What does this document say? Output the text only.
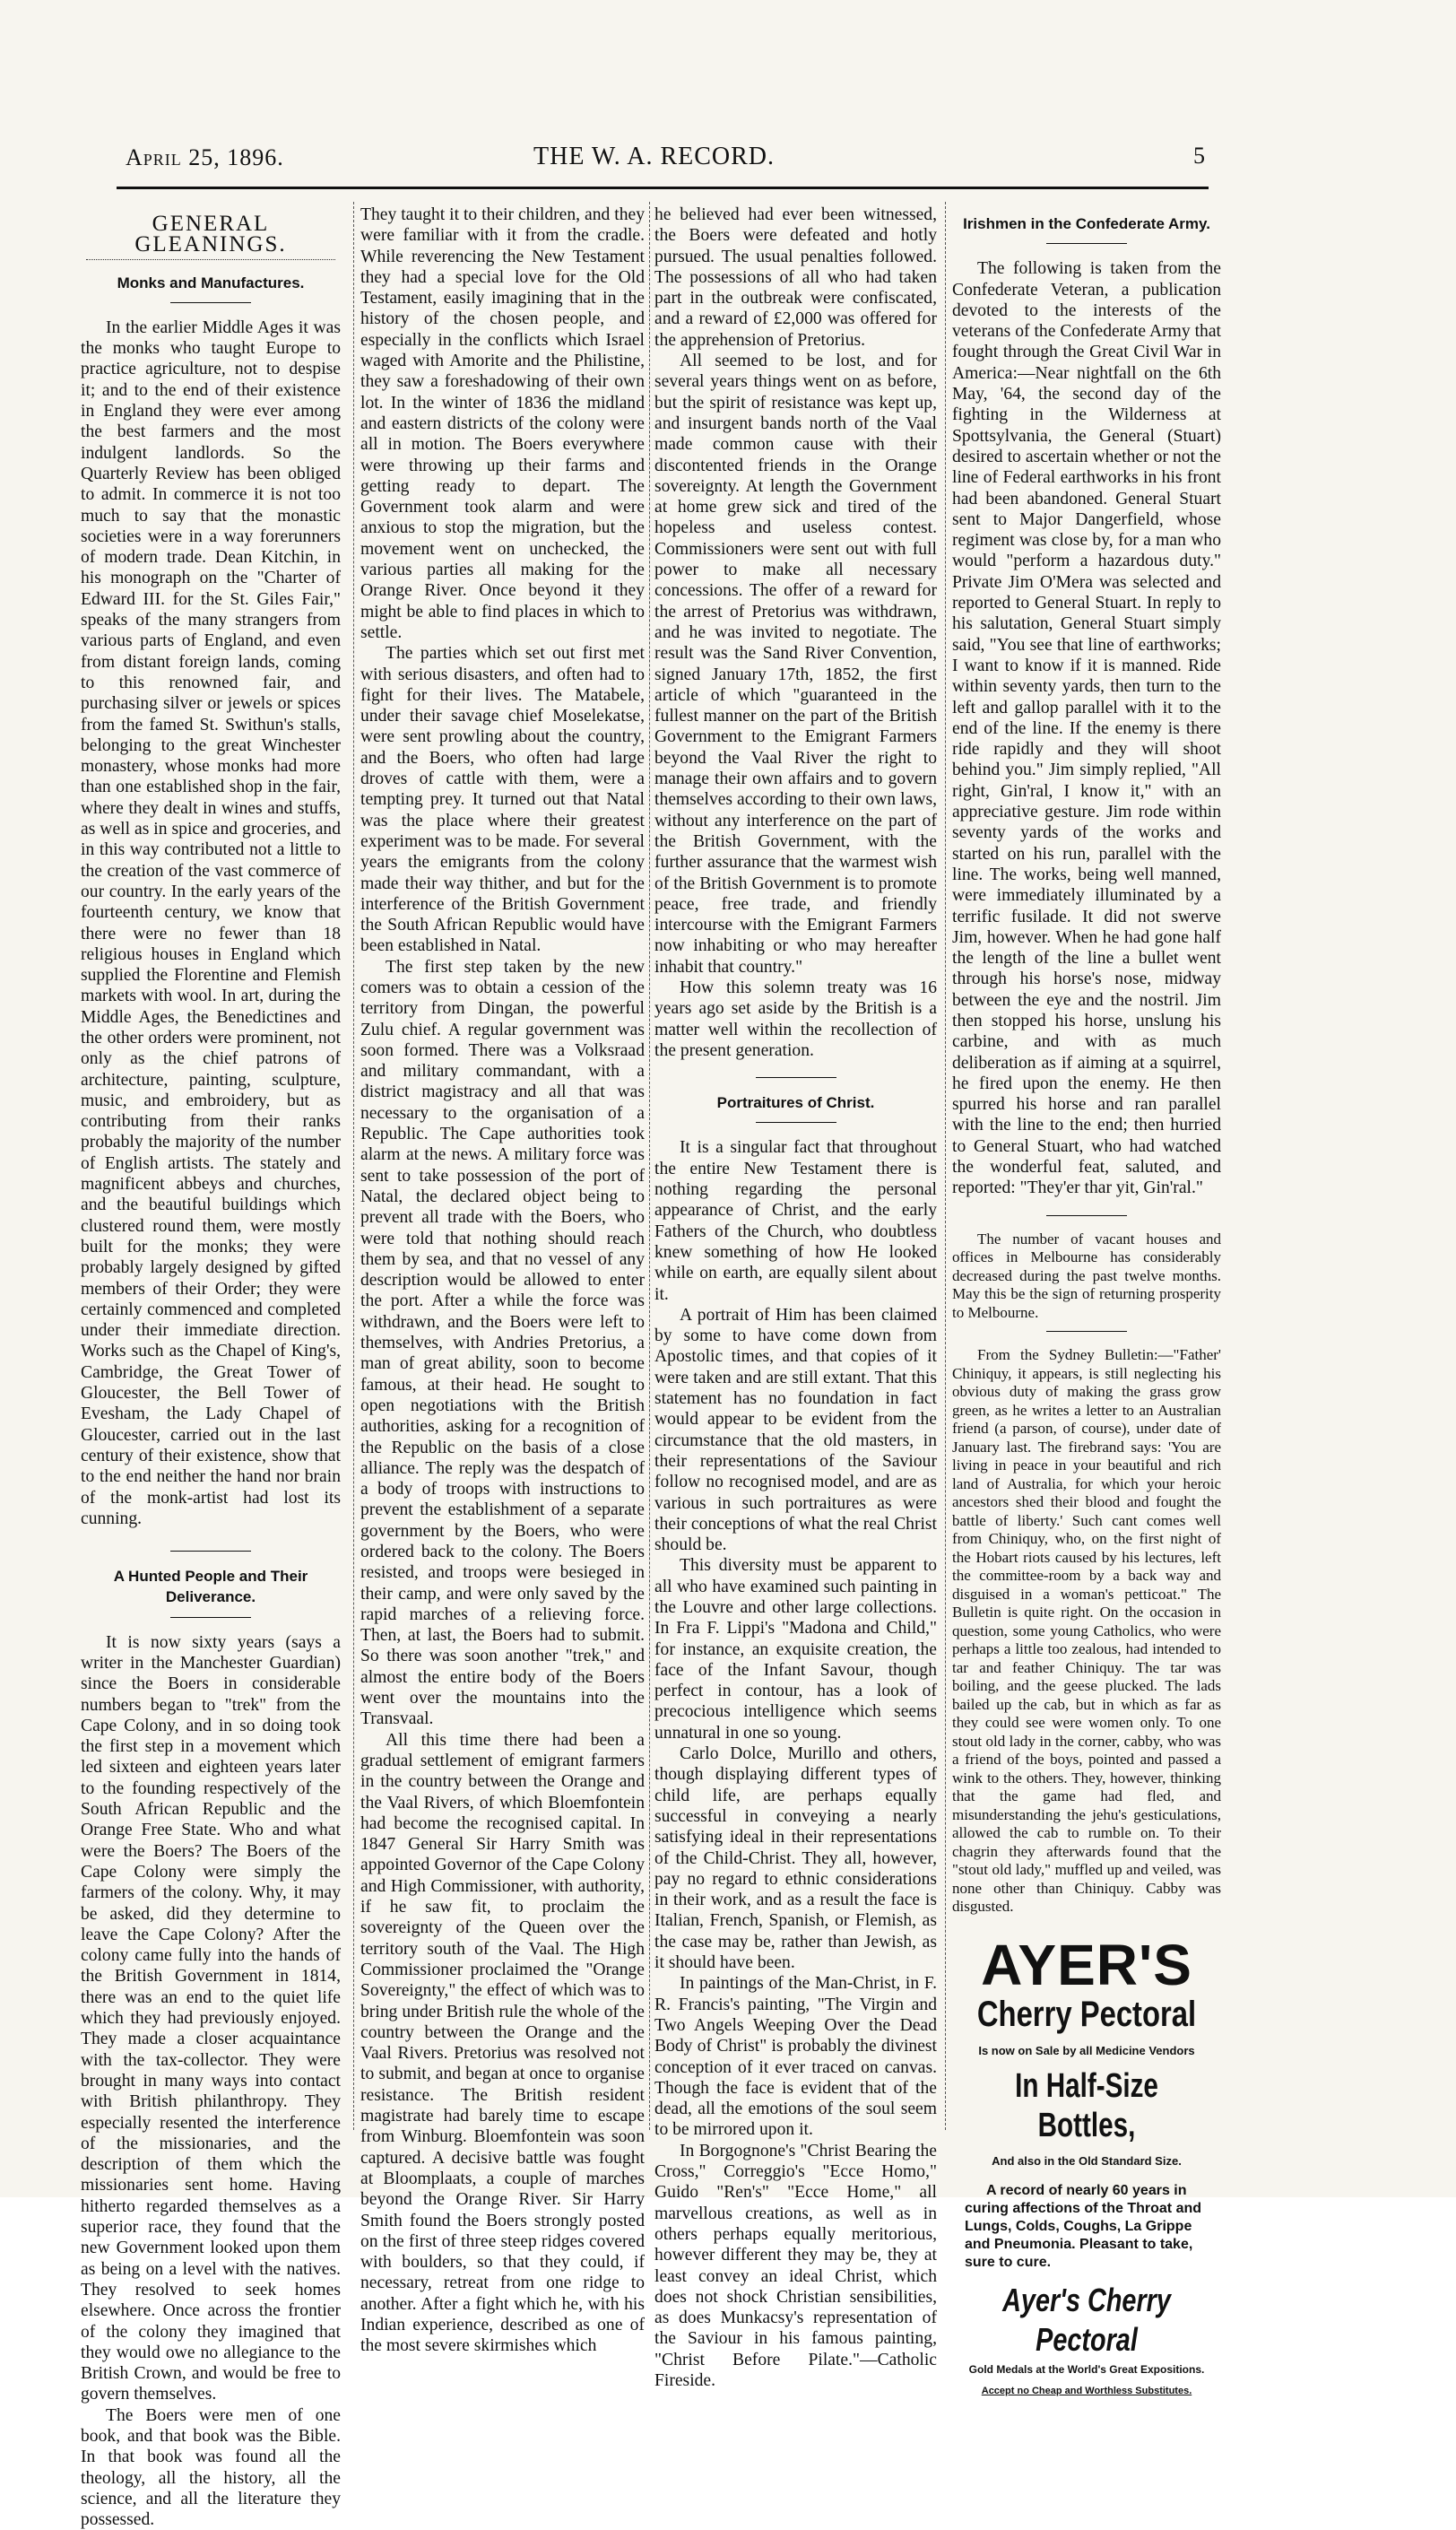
April 25, 1896.	THE W. A. RECORD.	5
GENERAL GLEANINGS.
Monks and Manufactures.

In the earlier Middle Ages it was the monks who taught Europe to practice agriculture, not to despise it; and to the end of their existence in England they were ever among the best farmers and the most indulgent landlords. So the Quarterly Review has been obliged to admit. In commerce it is not too much to say that the monastic societies were in a way forerunners of modern trade. Dean Kitchin, in his monograph on the "Charter of Edward III. for the St. Giles Fair," speaks of the many strangers from various parts of England, and even from distant foreign lands, coming to this renowned fair, and purchasing silver or jewels or spices from the famed St. Swithun's stalls, belonging to the great Winchester monastery, whose monks had more than one established shop in the fair, where they dealt in wines and stuffs, as well as in spice and groceries, and in this way contributed not a little to the creation of the vast commerce of our country. In the early years of the fourteenth century, we know that there were no fewer than 18 religious houses in England which supplied the Florentine and Flemish markets with wool. In art, during the Middle Ages, the Benedictines and the other orders were prominent, not only as the chief patrons of architecture, painting, sculpture, music, and embroidery, but as contributing from their ranks probably the majority of the number of English artists. The stately and magnificent abbeys and churches, and the beautiful buildings which clustered round them, were mostly built for the monks; they were probably largely designed by gifted members of their Order; they were certainly commenced and completed under their immediate direction. Works such as the Chapel of King's, Cambridge, the Great Tower of Gloucester, the Bell Tower of Evesham, the Lady Chapel of Gloucester, carried out in the last century of their existence, show that to the end neither the hand nor brain of the monk-artist had lost its cunning.

A Hunted People and Their Deliverance.

It is now sixty years (says a writer in the Manchester Guardian) since the Boers in considerable numbers began to "trek" from the Cape Colony, and in so doing took the first step in a movement which led sixteen and eighteen years later to the founding respectively of the South African Republic and the Orange Free State. Who and what were the Boers? The Boers of the Cape Colony were simply the farmers of the colony. Why, it may be asked, did they determine to leave the Cape Colony? After the colony came fully into the hands of the British Government in 1814, there was an end to the quiet life which they had previously enjoyed. They made a closer acquaintance with the tax-collector. They were brought in many ways into contact with British philanthropy. They especially resented the interference of the missionaries, and the description of them which the missionaries sent home. Having hitherto regarded themselves as a superior race, they found that the new Government looked upon them as being on a level with the natives. They resolved to seek homes elsewhere. Once across the frontier of the colony they imagined that they would owe no allegiance to the British Crown, and would be free to govern themselves.

The Boers were men of one book, and that book was the Bible. In that book was found all the theology, all the history, all the science, and all the literature they possessed.

They taught it to their children, and they were familiar with it from the cradle. While reverencing the New Testament they had a special love for the Old Testament, easily imagining that in the history of the chosen people, and especially in the conflicts which Israel waged with Amorite and the Philistine, they saw a foreshadowing of their own lot. In the winter of 1836 the midland and eastern districts of the colony were all in motion. The Boers everywhere were throwing up their farms and getting ready to depart. The Government took alarm and were anxious to stop the migration, but the movement went on unchecked, the various parties all making for the Orange River. Once beyond it they might be able to find places in which to settle.

The parties which set out first met with serious disasters, and often had to fight for their lives. The Matabele, under their savage chief Moselekatse, were sent prowling about the country, and the Boers, who often had large droves of cattle with them, were a tempting prey. It turned out that Natal was the place where their greatest experiment was to be made. For several years the emigrants from the colony made their way thither, and but for the interference of the British Government the South African Republic would have been established in Natal.

The first step taken by the new comers was to obtain a cession of the territory from Dingan, the powerful Zulu chief. A regular government was soon formed. There was a Volksraad and military commandant, with a district magistracy and all that was necessary to the organisation of a Republic. The Cape authorities took alarm at the news. A military force was sent to take possession of the port of Natal, the declared object being to prevent all trade with the Boers, who were told that nothing should reach them by sea, and that no vessel of any description would be allowed to enter the port. After a while the force was withdrawn, and the Boers were left to themselves, with Andries Pretorius, a man of great ability, soon to become famous, at their head. He sought to open negotiations with the British authorities, asking for a recognition of the Republic on the basis of a close alliance. The reply was the despatch of a body of troops with instructions to prevent the establishment of a separate government by the Boers, who were ordered back to the colony. The Boers resisted, and troops were besieged in their camp, and were only saved by the rapid marches of a relieving force. Then, at last, the Boers had to submit. So there was soon another "trek," and almost the entire body of the Boers went over the mountains into the Transvaal.

All this time there had been a gradual settlement of emigrant farmers in the country between the Orange and the Vaal Rivers, of which Bloemfontein had become the recognised capital. In 1847 General Sir Harry Smith was appointed Governor of the Cape Colony and High Commissioner, with authority, if he saw fit, to proclaim the sovereignty of the Queen over the territory south of the Vaal. The High Commissioner proclaimed the "Orange Sovereignty," the effect of which was to bring under British rule the whole of the country between the Orange and the Vaal Rivers. Pretorius was resolved not to submit, and began at once to organise resistance. The British resident magistrate had barely time to escape from Winburg. Bloemfontein was soon captured. A decisive battle was fought at Bloomplaats, a couple of marches beyond the Orange River. Sir Harry Smith found the Boers strongly posted on the first of three steep ridges covered with boulders, so that they could, if necessary, retreat from one ridge to another. After a fight which he, with his Indian experience, described as one of the most severe skirmishes which

he believed had ever been witnessed, the Boers were defeated and hotly pursued. The usual penalties followed. The possessions of all who had taken part in the outbreak were confiscated, and a reward of £2,000 was offered for the apprehension of Pretorius.

All seemed to be lost, and for several years things went on as before, but the spirit of resistance was kept up, and insurgent bands north of the Vaal made common cause with their discontented friends in the Orange sovereignty. At length the Government at home grew sick and tired of the hopeless and useless contest. Commissioners were sent out with full power to make all necessary concessions. The offer of a reward for the arrest of Pretorius was withdrawn, and he was invited to negotiate. The result was the Sand River Convention, signed January 17th, 1852, the first article of which "guaranteed in the fullest manner on the part of the British Government to the Emigrant Farmers beyond the Vaal River the right to manage their own affairs and to govern themselves according to their own laws, without any interference on the part of the British Government, with the further assurance that the warmest wish of the British Government is to promote peace, free trade, and friendly intercourse with the Emigrant Farmers now inhabiting or who may hereafter inhabit that country."

How this solemn treaty was 16 years ago set aside by the British is a matter well within the recollection of the present generation.

Portraitures of Christ.

It is a singular fact that throughout the entire New Testament there is nothing regarding the personal appearance of Christ, and the early Fathers of the Church, who doubtless knew something of how He looked while on earth, are equally silent about it.

A portrait of Him has been claimed by some to have come down from Apostolic times, and that copies of it were taken and are still extant. That this statement has no foundation in fact would appear to be evident from the circumstance that the old masters, in their representations of the Saviour follow no recognised model, and are as various in such portraitures as were their conceptions of what the real Christ should be.

This diversity must be apparent to all who have examined such painting in the Louvre and other large collections. In Fra F. Lippi's "Madona and Child," for instance, an exquisite creation, the face of the Infant Savour, though perfect in contour, has a look of precocious intelligence which seems unnatural in one so young.

Carlo Dolce, Murillo and others, though displaying different types of child life, are perhaps equally successful in conveying a nearly satisfying ideal in their representations of the Child-Christ. They all, however, pay no regard to ethnic considerations in their work, and as a result the face is Italian, French, Spanish, or Flemish, as the case may be, rather than Jewish, as it should have been.

In paintings of the Man-Christ, in F. R. Francis's painting, "The Virgin and Two Angels Weeping Over the Dead Body of Christ" is probably the divinest conception of it ever traced on canvas. Though the face is evident that of the dead, all the emotions of the soul seem to be mirrored upon it.

In Borgognone's "Christ Bearing the Cross," Correggio's "Ecce Homo," Guido "Ren's" "Ecce Home," all marvellous creations, as well as in others perhaps equally meritorious, however different they may be, they at least convey an ideal Christ, which does not shock Christian sensibilities, as does Munkacsy's representation of the Saviour in his famous painting, "Christ Before Pilate."—Catholic Fireside.

Irishmen in the Confederate Army.

The following is taken from the Confederate Veteran, a publication devoted to the interests of the veterans of the Confederate Army that fought through the Great Civil War in America:—Near nightfall on the 6th May, '64, the second day of the fighting in the Wilderness at Spottsylvania, the General (Stuart) desired to ascertain whether or not the line of Federal earthworks in his front had been abandoned. General Stuart sent to Major Dangerfield, whose regiment was close by, for a man who would "perform a hazardous duty." Private Jim O'Mera was selected and reported to General Stuart. In reply to his salutation, General Stuart simply said, "You see that line of earthworks; I want to know if it is manned. Ride within seventy yards, then turn to the left and gallop parallel with it to the end of the line. If the enemy is there ride rapidly and they will shoot behind you." Jim simply replied, "All right, Gin'ral, I know it," with an appreciative gesture. Jim rode within seventy yards of the works and started on his run, parallel with the line. The works, being well manned, were immediately illuminated by a terrific fusilade. It did not swerve Jim, however. When he had gone half the length of the line a bullet went through his horse's nose, midway between the eye and the nostril. Jim then stopped his horse, unslung his carbine, and with as much deliberation as if aiming at a squirrel, he fired upon the enemy. He then spurred his horse and ran parallel with the line to the end; then hurried to General Stuart, who had watched the wonderful feat, saluted, and reported: "They'er thar yit, Gin'ral."

The number of vacant houses and offices in Melbourne has considerably decreased during the past twelve months. May this be the sign of returning prosperity to Melbourne.

From the Sydney Bulletin:—"Father' Chiniquy, it appears, is still neglecting his obvious duty of making the grass grow green, as he writes a letter to an Australian friend (a parson, of course), under date of January last. The firebrand says: 'You are living in peace in your beautiful and rich land of Australia, for which your heroic ancestors shed their blood and fought the battle of liberty.' Such cant comes well from Chiniquy, who, on the first night of the Hobart riots caused by his lectures, left the committee-room by a back way and disguised in a woman's petticoat." The Bulletin is quite right. On the occasion in question, some young Catholics, who were perhaps a little too zealous, had intended to tar and feather Chiniquy. The tar was boiling, and the geese plucked. The lads bailed up the cab, but in which as far as they could see were women only. To one stout old lady in the corner, cabby, who was a friend of the boys, pointed and passed a wink to the others. They, however, thinking that the game had fled, and misunderstanding the jehu's gesticulations, allowed the cab to rumble on. To their chagrin they afterwards found that the "stout old lady," muffled up and veiled, was none other than Chiniquy. Cabby was disgusted.

AYER'S
Cherry Pectoral
Is now on Sale by all Medicine Vendors
In Half-Size Bottles,
And also in the Old Standard Size.
A record of nearly 60 years in curing affections of the Throat and Lungs, Colds, Coughs, La Grippe and Pneumonia. Pleasant to take, sure to cure.
Ayer's Cherry Pectoral
Gold Medals at the World's Great Expositions.
Accept no Cheap and Worthless Substitutes.
